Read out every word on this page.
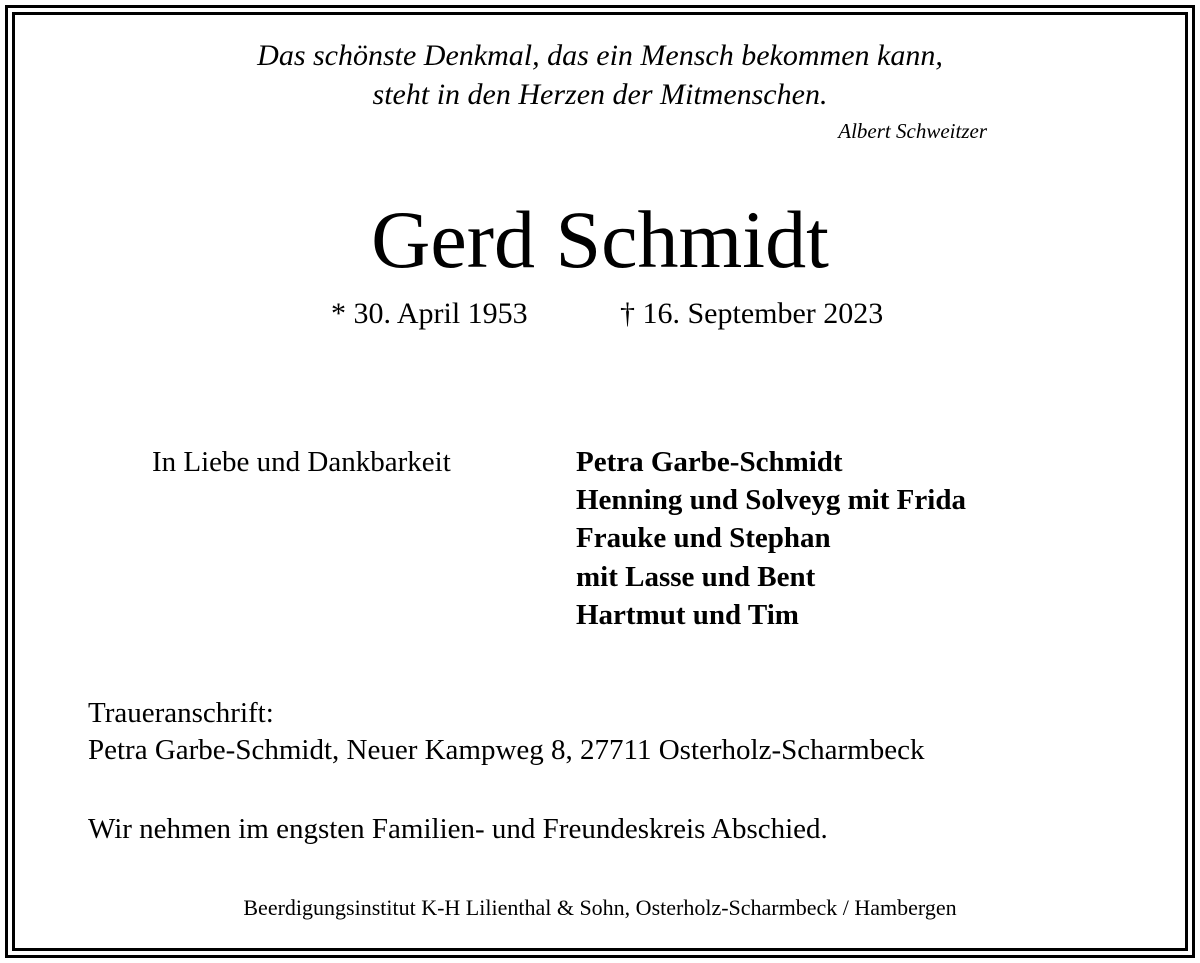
Das schönste Denkmal, das ein Mensch bekommen kann,
steht in den Herzen der Mitmenschen.
Albert Schweitzer
Gerd Schmidt
* 30. April 1953	† 16. September 2023
In Liebe und Dankbarkeit	Petra Garbe-Schmidt
Henning und Solveyg mit Frida
Frauke und Stephan
mit Lasse und Bent
Hartmut und Tim
Traueranschrift:
Petra Garbe-Schmidt, Neuer Kampweg 8, 27711 Osterholz-Scharmbeck
Wir nehmen im engsten Familien- und Freundeskreis Abschied.
Beerdigungsinstitut K-H Lilienthal & Sohn, Osterholz-Scharmbeck / Hambergen
